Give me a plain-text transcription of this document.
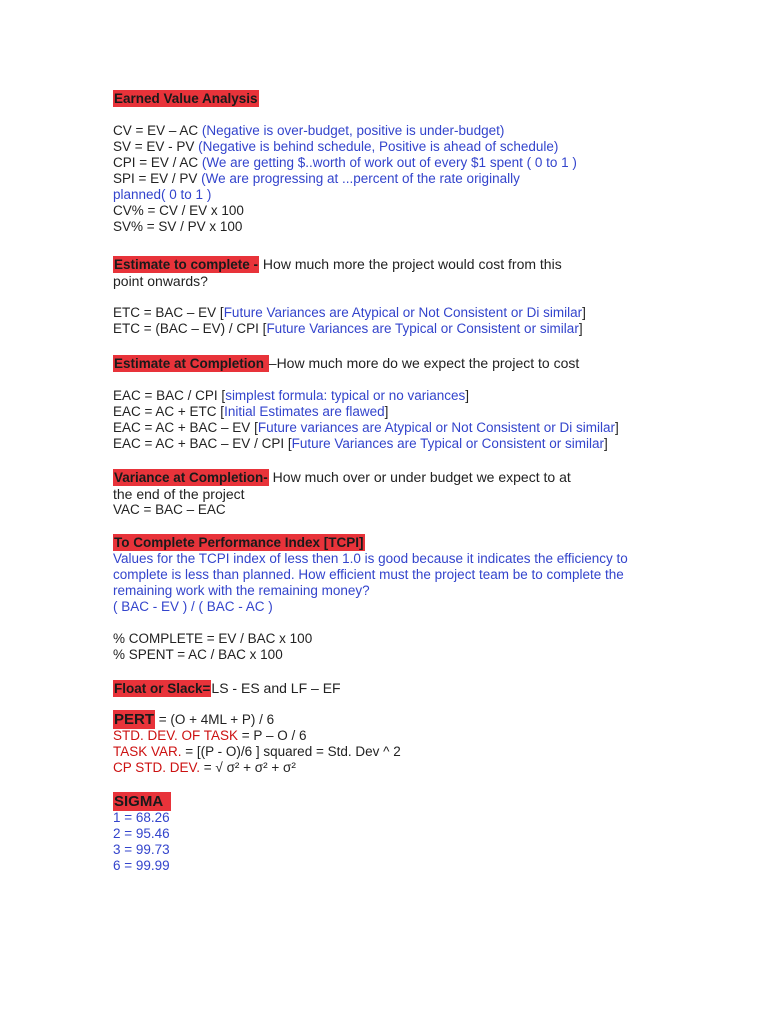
Earned Value Analysis
CV = EV – AC (Negative is over-budget, positive is under-budget)
SV = EV - PV (Negative is behind schedule, Positive is ahead of schedule)
CPI = EV / AC (We are getting $..worth of work out of every $1 spent ( 0 to 1 )
SPI = EV / PV (We are progressing at ...percent of the rate originally
planned( 0 to 1 )
CV% = CV / EV x 100
SV% = SV / PV x 100
Estimate to complete - How much more the project would cost from this
point onwards?
ETC = BAC – EV [Future Variances are Atypical or Not Consistent or Di similar]
ETC = (BAC – EV) / CPI [Future Variances are Typical or Consistent or similar]
Estimate at Completion –How much more do we expect the project to cost
EAC = BAC / CPI [simplest formula: typical or no variances]
EAC = AC + ETC [Initial Estimates are flawed]
EAC = AC + BAC – EV [Future variances are Atypical or Not Consistent or Di similar]
EAC = AC + BAC – EV / CPI [Future Variances are Typical or Consistent or similar]
Variance at Completion- How much over or under budget we expect to at
the end of the project
VAC = BAC – EAC
To Complete Performance Index [TCPI]
Values for the TCPI index of less then 1.0 is good because it indicates the efficiency to
complete is less than planned. How efficient must the project team be to complete the
remaining work with the remaining money?
( BAC - EV ) / ( BAC - AC )
% COMPLETE = EV / BAC x 100
% SPENT = AC / BAC x 100
Float or Slack=LS - ES and LF – EF
PERT = (O + 4ML + P) / 6
STD. DEV. OF TASK = P – O / 6
TASK VAR. = [(P - O)/6 ] squared = Std. Dev ^ 2
CP STD. DEV. = √ σ² + σ² + σ²
SIGMA
1 = 68.26
2 = 95.46
3 = 99.73
6 = 99.99
